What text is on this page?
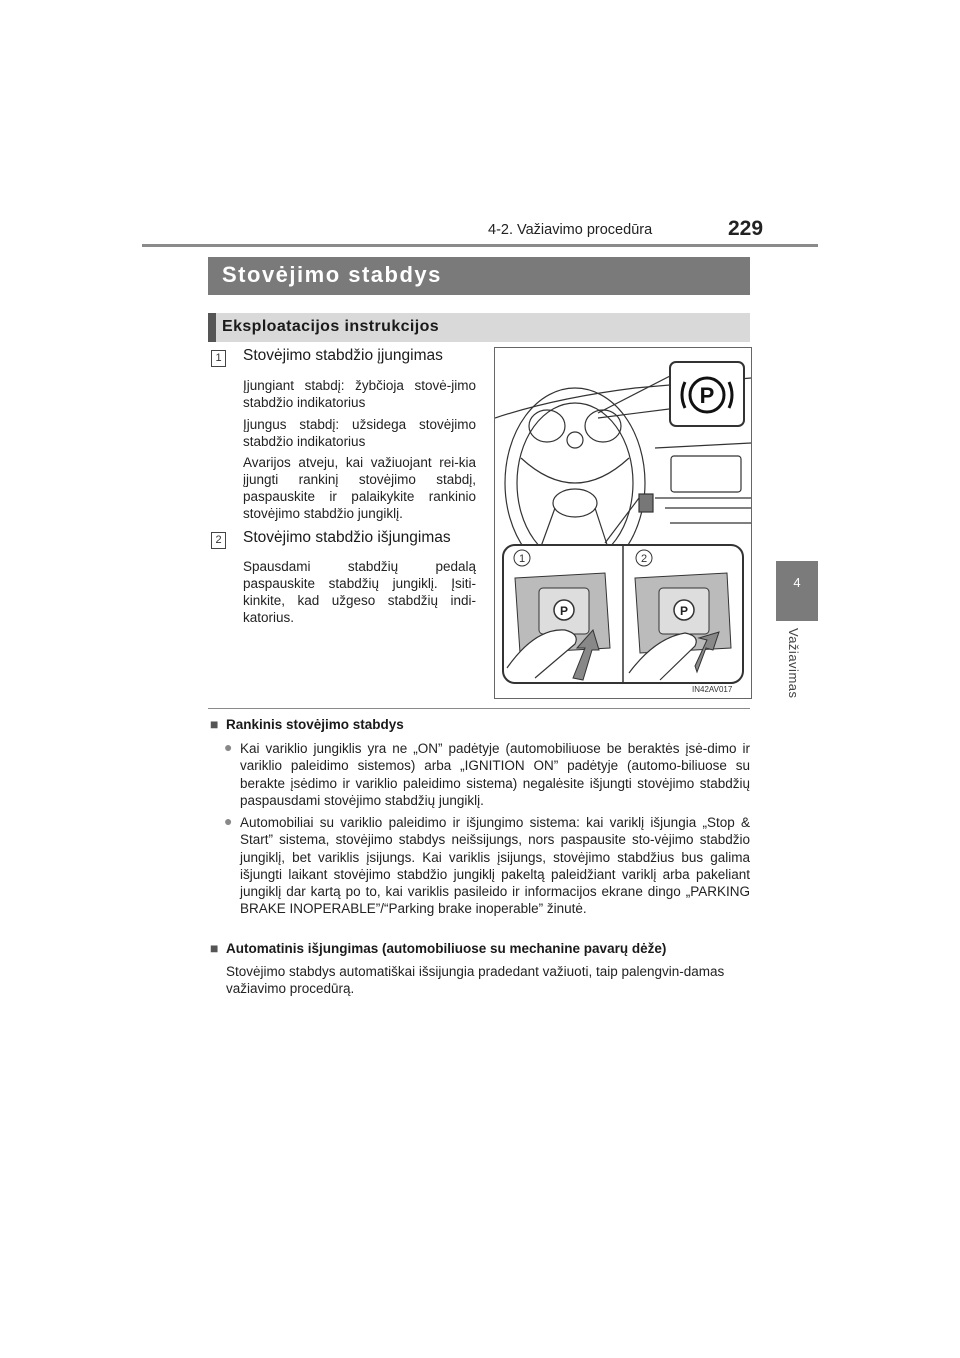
4-2. Važiavimo procedūra	229
4
Važiavimas
Stovėjimo stabdys
Eksploatacijos instrukcijos
1 Stovėjimo stabdžio įjungimas
Įjungiant stabdį: žybčioja stovė-jimo stabdžio indikatorius
Įjungus stabdį: užsidega stovėjimo stabdžio indikatorius
Avarijos atveju, kai važiuojant rei-kia įjungti rankinį stovėjimo stabdį, paspauskite ir palaikykite rankinio stovėjimo stabdžio jungiklį.
2 Stovėjimo stabdžio išjungimas
Spausdami stabdžių pedalą paspauskite stabdžių jungiklį. Įsiti-kinkite, kad užgeso stabdžių indi-katorius.
P
1
P
2
P
IN42AV017
■ Rankinis stovėjimo stabdys
● Kai variklio jungiklis yra ne „ON” padėtyje (automobiliuose be beraktės įsė-dimo ir variklio paleidimo sistemos) arba „IGNITION ON” padėtyje (automo-biliuose su berakte įsėdimo ir variklio paleidimo sistema) negalėsite išjungti stovėjimo stabdžių paspausdami stovėjimo stabdžių jungiklį.
● Automobiliai su variklio paleidimo ir išjungimo sistema: kai variklį išjungia „Stop & Start” sistema, stovėjimo stabdys neišsijungs, nors paspausite sto-vėjimo stabdžio jungiklį, bet variklis įsijungs. Kai variklis įsijungs, stovėjimo stabdžius bus galima išjungti laikant stovėjimo stabdžio jungiklį pakeltą paleidžiant variklį arba pakeliant jungiklį dar kartą po to, kai variklis pasileido ir informacijos ekrane dingo „PARKING BRAKE INOPERABLE”/“Parking brake inoperable” žinutė.
■ Automatinis išjungimas (automobiliuose su mechanine pavarų dėže)
Stovėjimo stabdys automatiškai išsijungia pradedant važiuoti, taip palengvin-damas važiavimo procedūrą.
